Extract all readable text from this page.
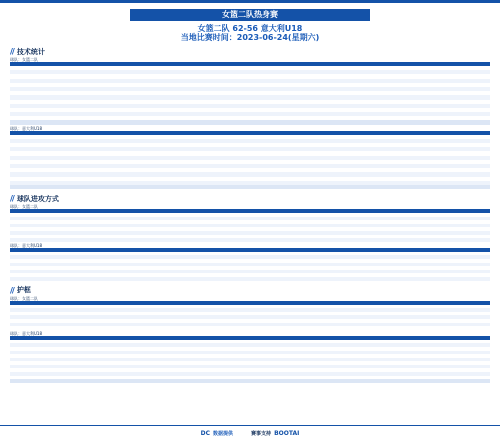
女篮二队热身赛
女篮二队 62-56 意大利U18
当地比赛时间：2023-06-24(星期六)
// 技术统计
球队：女篮二队

球队：意大利U18

// 球队进攻方式
球队：女篮二队

球队：意大利U18

// 护框
球队：女篮二队

球队：意大利U18

DC 数据提供	赛事支持 BOOTAI
